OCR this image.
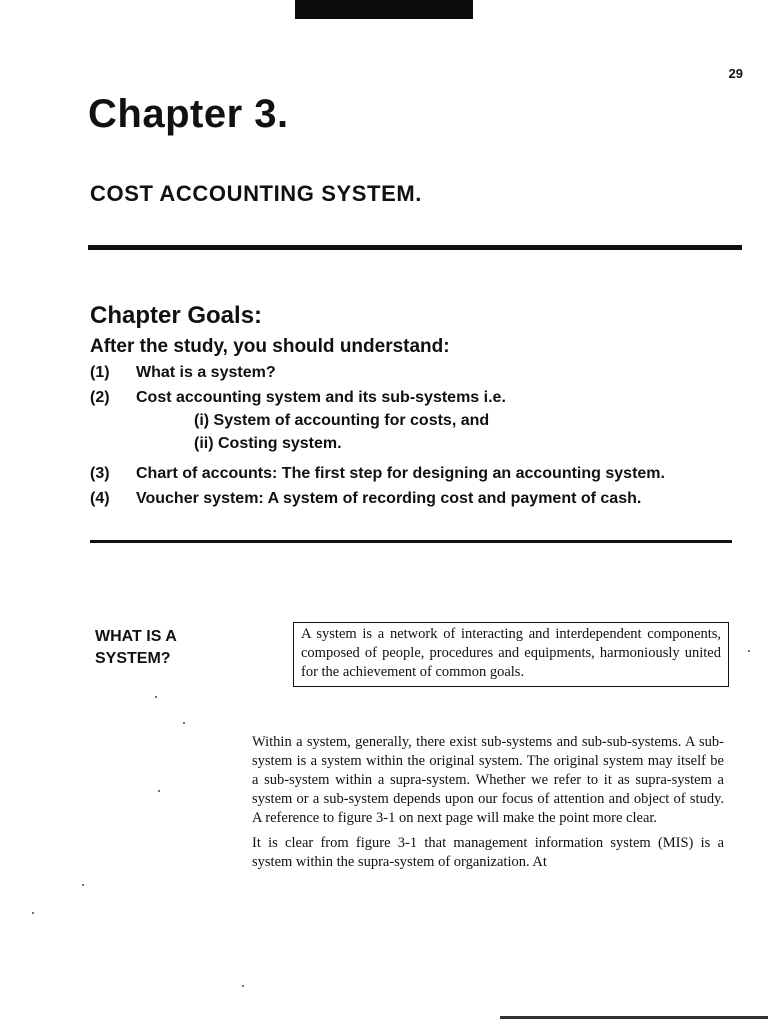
29
Chapter 3.
COST ACCOUNTING SYSTEM.
Chapter Goals:

After the study, you should understand:

(1)	What is a system?
(2)	Cost accounting system and its sub-systems i.e.
(i) System of accounting for costs, and
(ii) Costing system.
(3)	Chart of accounts: The first step for designing an accounting system.
(4)	Voucher system: A system of recording cost and payment of cash.
WHAT IS A
SYSTEM?
A system is a network of interacting and interdependent components, composed of people, procedures and equipments, harmoniously united for the achievement of common goals.

Within a system, generally, there exist sub-systems and sub-sub-systems. A sub-system is a system within the original system. The original system may itself be a sub-system within a supra-system. Whether we refer to it as supra-system a system or a sub-system depends upon our focus of attention and object of study. A reference to figure 3-1 on next page will make the point more clear.

It is clear from figure 3-1 that management information system (MIS) is a system within the supra-system of organization. At
